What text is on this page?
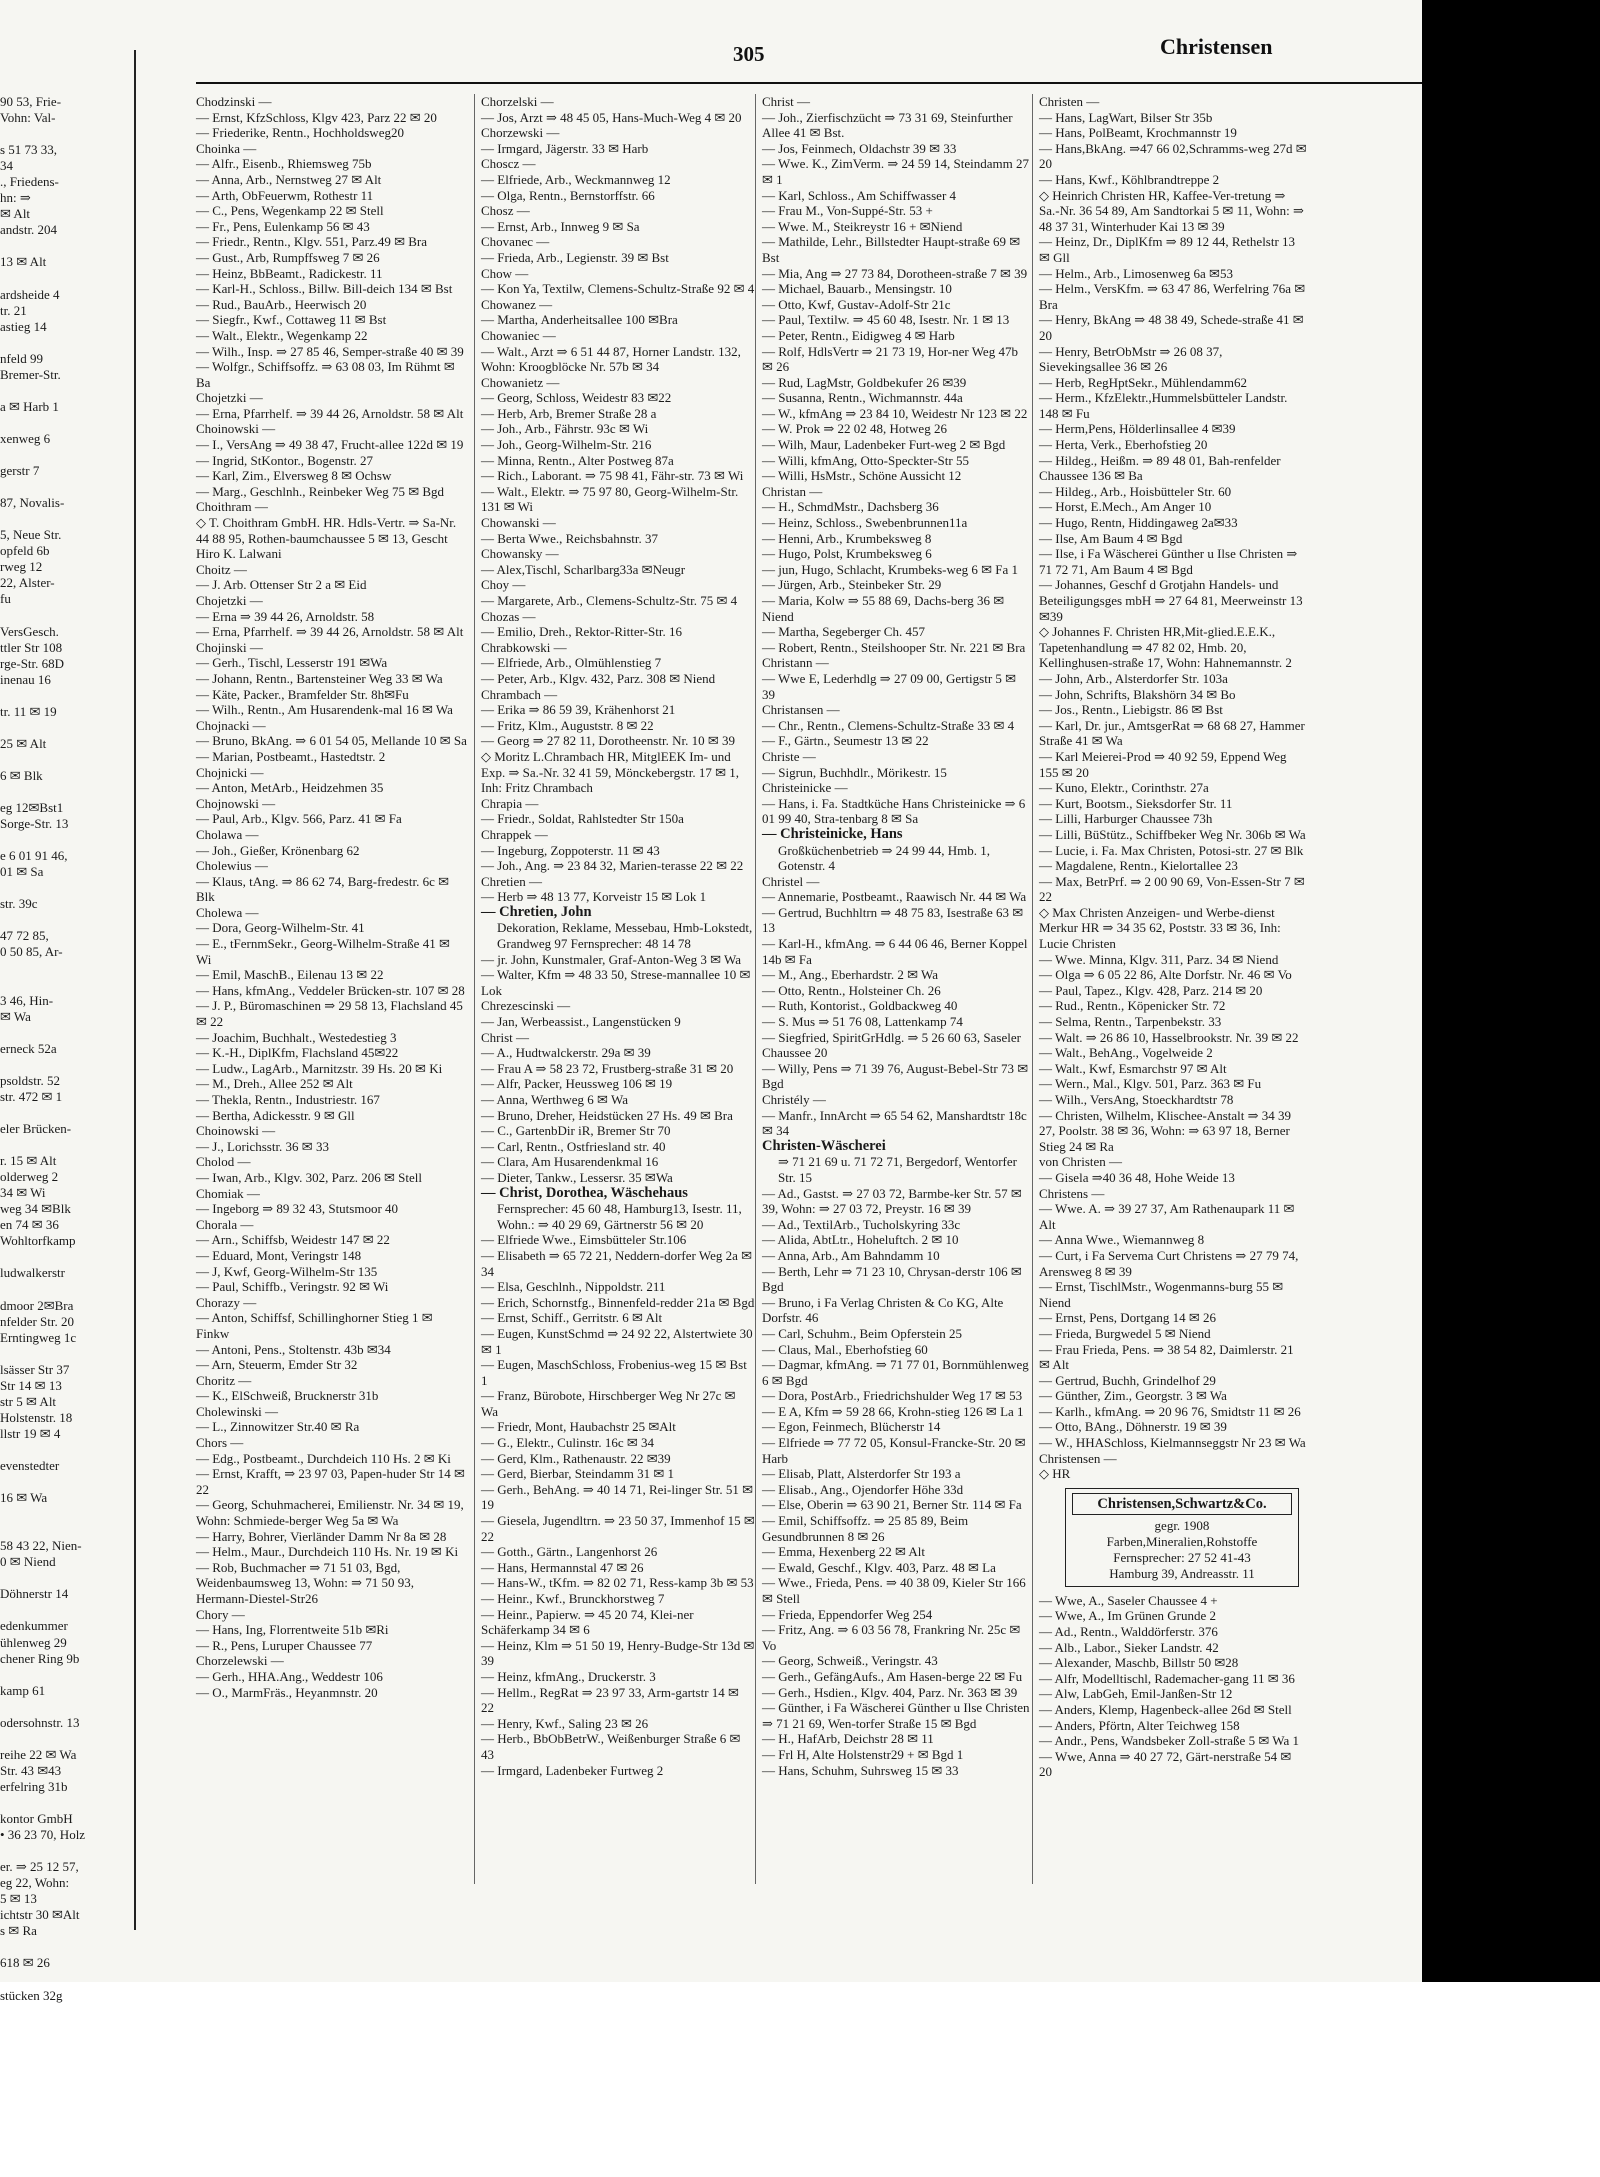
90 53, Frie-
Vohn: Val-

s 51 73 33,
34
., Friedens-
hn: ⇒
✉ Alt
andstr. 204

13 ✉ Alt

ardsheide 4
tr. 21
astieg 14

nfeld 99
Bremer-Str.

a ✉ Harb 1

xenweg 6

gerstr 7

87, Novalis-

5, Neue Str.
opfeld 6b
rweg 12
22, Alster-
fu

VersGesch.
ttler Str 108
rge-Str. 68D
inenau 16

tr. 11 ✉ 19

25 ✉ Alt

6 ✉ Blk

eg 12✉Bst1
Sorge-Str. 13

e 6 01 91 46,
01 ✉ Sa

str. 39c

47 72 85,
0 50 85, Ar-

3 46, Hin-
✉ Wa

erneck 52a

psoldstr. 52
str. 472 ✉ 1

eler Brücken-

r. 15 ✉ Alt
olderweg 2
34 ✉ Wi
weg 34 ✉Blk
en 74 ✉ 36
Wohltorfkamp

ludwalkerstr

dmoor 2✉Bra
nfelder Str. 20
Erntingweg 1c

lsässer Str 37
Str 14 ✉ 13
str 5 ✉ Alt
Holstenstr. 18
llstr 19 ✉ 4

evenstedter

16 ✉ Wa

58 43 22, Nien-
0 ✉ Niend

Döhnerstr 14

edenkummer
ühlenweg 29
chener Ring 9b

kamp 61

odersohnstr. 13

reihe 22 ✉ Wa
Str. 43 ✉43
erfelring 31b

kontor GmbH
• 36 23 70, Holz

er. ⇒ 25 12 57,
eg 22, Wohn:
5 ✉ 13
ichtstr 30 ✉Alt
s ✉ Ra

618 ✉ 26

stücken 32g
305	Christensen

Chodzinski —

— Ernst, KfzSchloss, Klgv 423, Parz 22 ✉ 20

— Friederike, Rentn., Hochholdsweg20

Choinka —

— Alfr., Eisenb., Rhiemsweg 75b

— Anna, Arb., Nernstweg 27 ✉ Alt

— Arth, ObFeuerwm, Rothestr 11

— C., Pens, Wegenkamp 22 ✉ Stell

— Fr., Pens, Eulenkamp 56 ✉ 43

— Friedr., Rentn., Klgv. 551, Parz.49 ✉ Bra

— Gust., Arb, Rumpffsweg 7 ✉ 26

— Heinz, BbBeamt., Radickestr. 11

— Karl-H., Schloss., Billw. Bill-deich 134 ✉ Bst

— Rud., BauArb., Heerwisch 20

— Siegfr., Kwf., Cottaweg 11 ✉ Bst

— Walt., Elektr., Wegenkamp 22

— Wilh., Insp. ⇒ 27 85 46, Semper-straße 40 ✉ 39

— Wolfgr., Schiffsoffz. ⇒ 63 08 03, Im Rühmt ✉ Ba

Chojetzki —

— Erna, Pfarrhelf. ⇒ 39 44 26, Arnoldstr. 58 ✉ Alt

Choinowski —

— I., VersAng ⇒ 49 38 47, Frucht-allee 122d ✉ 19

— Ingrid, StKontor., Bogenstr. 27

— Karl, Zim., Elversweg 8 ✉ Ochsw

— Marg., Geschlnh., Reinbeker Weg 75 ✉ Bgd

Choithram —

◇ T. Choithram GmbH. HR. Hdls-Vertr. ⇒ Sa-Nr. 44 88 95, Rothen-baumchaussee 5 ✉ 13, Gescht Hiro K. Lalwani

Choitz —

— J. Arb. Ottenser Str 2 a ✉ Eid

Chojetzki —

— Erna ⇒ 39 44 26, Arnoldstr. 58

— Erna, Pfarrhelf. ⇒ 39 44 26, Arnoldstr. 58 ✉ Alt

Chojinski —

— Gerh., Tischl, Lesserstr 191 ✉Wa

— Johann, Rentn., Bartensteiner Weg 33 ✉ Wa

— Käte, Packer., Bramfelder Str. 8h✉Fu

— Wilh., Rentn., Am Husarendenk-mal 16 ✉ Wa

Chojnacki —

— Bruno, BkAng. ⇒ 6 01 54 05, Mellande 10 ✉ Sa

— Marian, Postbeamt., Hastedtstr. 2

Chojnicki —

— Anton, MetArb., Heidzehmen 35

Chojnowski —

— Paul, Arb., Klgv. 566, Parz. 41 ✉ Fa

Cholawa —

— Joh., Gießer, Krönenbarg 62

Cholewius —

— Klaus, tAng. ⇒ 86 62 74, Barg-fredestr. 6c ✉ Blk

Cholewa —

— Dora, Georg-Wilhelm-Str. 41

— E., tFernmSekr., Georg-Wilhelm-Straße 41 ✉ Wi

— Emil, MaschB., Eilenau 13 ✉ 22

— Hans, kfmAng., Veddeler Brücken-str. 107 ✉ 28

— J. P., Büromaschinen ⇒ 29 58 13, Flachsland 45 ✉ 22

— Joachim, Buchhalt., Westedestieg 3

— K.-H., DiplKfm, Flachsland 45✉22

— Ludw., LagArb., Marnitzstr. 39 Hs. 20 ✉ Ki

— M., Dreh., Allee 252 ✉ Alt

— Thekla, Rentn., Industriestr. 167

— Bertha, Adickesstr. 9 ✉ Gll

Choinowski —

— J., Lorichsstr. 36 ✉ 33

Cholod —

— Iwan, Arb., Klgv. 302, Parz. 206 ✉ Stell

Chomiak —

— Ingeborg ⇒ 89 32 43, Stutsmoor 40

Chorala —

— Arn., Schiffsb, Weidestr 147 ✉ 22

— Eduard, Mont, Veringstr 148

— J, Kwf, Georg-Wilhelm-Str 135

— Paul, Schiffb., Veringstr. 92 ✉ Wi

Chorazy —

— Anton, Schiffsf, Schillinghorner Stieg 1 ✉ Finkw

— Antoni, Pens., Stoltenstr. 43b ✉34

— Arn, Steuerm, Emder Str 32

Choritz —

— K., ElSchweiß, Brucknerstr 31b

Cholewinski —

— L., Zinnowitzer Str.40 ✉ Ra

Chors —

— Edg., Postbeamt., Durchdeich 110 Hs. 2 ✉ Ki

— Ernst, Krafft, ⇒ 23 97 03, Papen-huder Str 14 ✉ 22

— Georg, Schuhmacherei, Emilienstr. Nr. 34 ✉ 19, Wohn: Schmiede-berger Weg 5a ✉ Wa

— Harry, Bohrer, Vierländer Damm Nr 8a ✉ 28

— Helm., Maur., Durchdeich 110 Hs. Nr. 19 ✉ Ki

— Rob, Buchmacher ⇒ 71 51 03, Bgd, Weidenbaumsweg 13, Wohn: ⇒ 71 50 93, Hermann-Diestel-Str26

Chory —

— Hans, Ing, Florrentweite 51b ✉Ri

— R., Pens, Luruper Chaussee 77

Chorzelewski —

— Gerh., HHA.Ang., Weddestr 106

— O., MarmFräs., Heyanmnstr. 20

Chorzelski —

— Jos, Arzt ⇒ 48 45 05, Hans-Much-Weg 4 ✉ 20

Chorzewski —

— Irmgard, Jägerstr. 33 ✉ Harb

Choscz —

— Elfriede, Arb., Weckmannweg 12

— Olga, Rentn., Bernstorffstr. 66

Chosz —

— Ernst, Arb., Innweg 9 ✉ Sa

Chovanec —

— Frieda, Arb., Legienstr. 39 ✉ Bst

Chow —

— Kon Ya, Textilw, Clemens-Schultz-Straße 92 ✉ 4

Chowanez —

— Martha, Anderheitsallee 100 ✉Bra

Chowaniec —

— Walt., Arzt ⇒ 6 51 44 87, Horner Landstr. 132, Wohn: Kroogblöcke Nr. 57b ✉ 34

Chowanietz —

— Georg, Schloss, Weidestr 83 ✉22

— Herb, Arb, Bremer Straße 28 a

— Joh., Arb., Fährstr. 93c ✉ Wi

— Joh., Georg-Wilhelm-Str. 216

— Minna, Rentn., Alter Postweg 87a

— Rich., Laborant. ⇒ 75 98 41, Fähr-str. 73 ✉ Wi

— Walt., Elektr. ⇒ 75 97 80, Georg-Wilhelm-Str. 131 ✉ Wi

Chowanski —

— Berta Wwe., Reichsbahnstr. 37

Chowansky —

— Alex,Tischl, Scharlbarg33a ✉Neugr

Choy —

— Margarete, Arb., Clemens-Schultz-Str. 75 ✉ 4

Chozas —

— Emilio, Dreh., Rektor-Ritter-Str. 16

Chrabkowski —

— Elfriede, Arb., Olmühlenstieg 7

— Peter, Arb., Klgv. 432, Parz. 308 ✉ Niend

Chrambach —

— Erika ⇒ 86 59 39, Krähenhorst 21

— Fritz, Klm., Auguststr. 8 ✉ 22

— Georg ⇒ 27 82 11, Dorotheenstr. Nr. 10 ✉ 39

◇ Moritz L.Chrambach HR, MitglEEK Im- und Exp. ⇒ Sa.-Nr. 32 41 59, Mönckebergstr. 17 ✉ 1, Inh: Fritz Chrambach

Chrapia —

— Friedr., Soldat, Rahlstedter Str 150a

Chrappek —

— Ingeburg, Zoppoterstr. 11 ✉ 43

— Joh., Ang. ⇒ 23 84 32, Marien-terasse 22 ✉ 22

Chretien —

— Herb ⇒ 48 13 77, Korveistr 15 ✉ Lok 1

— Chretien, John

Dekoration, Reklame, Messebau, Hmb-Lokstedt, Grandweg 97 Fernsprecher: 48 14 78

— jr. John, Kunstmaler, Graf-Anton-Weg 3 ✉ Wa

— Walter, Kfm ⇒ 48 33 50, Strese-mannallee 10 ✉ Lok

Chrezescinski —

— Jan, Werbeassist., Langenstücken 9

Christ —

— A., Hudtwalckerstr. 29a ✉ 39

— Frau A ⇒ 58 23 72, Frustberg-straße 31 ✉ 20

— Alfr, Packer, Heussweg 106 ✉ 19

— Anna, Werthweg 6 ✉ Wa

— Bruno, Dreher, Heidstücken 27 Hs. 49 ✉ Bra

— C., GartenbDir iR, Bremer Str 70

— Carl, Rentn., Ostfriesland str. 40

— Clara, Am Husarendenkmal 16

— Dieter, Tankw., Lessersr. 35 ✉Wa

— Christ, Dorothea, Wäschehaus

Fernsprecher: 45 60 48, Hamburg13, Isestr. 11, Wohn.: ⇒ 40 29 69, Gärtnerstr 56 ✉ 20

— Elfriede Wwe., Eimsbütteler Str.106

— Elisabeth ⇒ 65 72 21, Neddern-dorfer Weg 2a ✉ 34

— Elsa, Geschlnh., Nippoldstr. 211

— Erich, Schornstfg., Binnenfeld-redder 21a ✉ Bgd

— Ernst, Schiff., Gerritstr. 6 ✉ Alt

— Eugen, KunstSchmd ⇒ 24 92 22, Alstertwiete 30 ✉ 1

— Eugen, MaschSchloss, Frobenius-weg 15 ✉ Bst 1

— Franz, Bürobote, Hirschberger Weg Nr 27c ✉ Wa

— Friedr, Mont, Haubachstr 25 ✉Alt

— G., Elektr., Culinstr. 16c ✉ 34

— Gerd, Klm., Rathenaustr. 22 ✉39

— Gerd, Bierbar, Steindamm 31 ✉ 1

— Gerh., BehAng. ⇒ 40 14 71, Rei-linger Str. 51 ✉ 19

— Giesela, Jugendltrn. ⇒ 23 50 37, Immenhof 15 ✉ 22

— Gotth., Gärtn., Langenhorst 26

— Hans, Hermannstal 47 ✉ 26

— Hans-W., tKfm. ⇒ 82 02 71, Ress-kamp 3b ✉ 53

— Heinr., Kwf., Brunckhorstweg 7

— Heinr., Papierw. ⇒ 45 20 74, Klei-ner Schäferkamp 34 ✉ 6

— Heinz, Klm ⇒ 51 50 19, Henry-Budge-Str 13d ✉ 39

— Heinz, kfmAng., Druckerstr. 3

— Hellm., RegRat ⇒ 23 97 33, Arm-gartstr 14 ✉ 22

— Henry, Kwf., Saling 23 ✉ 26

— Herb., BbObBetrW., Weißenburger Straße 6 ✉ 43

— Irmgard, Ladenbeker Furtweg 2

Christ —

— Joh., Zierfischzücht ⇒ 73 31 69, Steinfurther Allee 41 ✉ Bst.

— Jos, Feinmech, Oldachstr 39 ✉ 33

— Wwe. K., ZimVerm. ⇒ 24 59 14, Steindamm 27 ✉ 1

— Karl, Schloss., Am Schiffwasser 4

— Frau M., Von-Suppé-Str. 53 +

— Wwe. M., Steikreystr 16 + ✉Niend

— Mathilde, Lehr., Billstedter Haupt-straße 69 ✉ Bst

— Mia, Ang ⇒ 27 73 84, Dorotheen-straße 7 ✉ 39

— Michael, Bauarb., Mensingstr. 10

— Otto, Kwf, Gustav-Adolf-Str 21c

— Paul, Textilw. ⇒ 45 60 48, Isestr. Nr. 1 ✉ 13

— Peter, Rentn., Eidigweg 4 ✉ Harb

— Rolf, HdlsVertr ⇒ 21 73 19, Hor-ner Weg 47b ✉ 26

— Rud, LagMstr, Goldbekufer 26 ✉39

— Susanna, Rentn., Wichmannstr. 44a

— W., kfmAng ⇒ 23 84 10, Weidestr Nr 123 ✉ 22

— W. Prok ⇒ 22 02 48, Hotweg 26

— Wilh, Maur, Ladenbeker Furt-weg 2 ✉ Bgd

— Willi, kfmAng, Otto-Speckter-Str 55

— Willi, HsMstr., Schöne Aussicht 12

Christan —

— H., SchmdMstr., Dachsberg 36

— Heinz, Schloss., Swebenbrunnen11a

— Henni, Arb., Krumbeksweg 8

— Hugo, Polst, Krumbeksweg 6

— jun, Hugo, Schlacht, Krumbeks-weg 6 ✉ Fa 1

— Jürgen, Arb., Steinbeker Str. 29

— Maria, Kolw ⇒ 55 88 69, Dachs-berg 36 ✉ Niend

— Martha, Segeberger Ch. 457

— Robert, Rentn., Steilshooper Str. Nr. 221 ✉ Bra

Christann —

— Wwe E, Lederhdlg ⇒ 27 09 00, Gertigstr 5 ✉ 39

Christansen —

— Chr., Rentn., Clemens-Schultz-Straße 33 ✉ 4

— F., Gärtn., Seumestr 13 ✉ 22

Christe —

— Sigrun, Buchhdlr., Mörikestr. 15

Christeinicke —

— Hans, i. Fa. Stadtküche Hans Christeinicke ⇒ 6 01 99 40, Stra-tenbarg 8 ✉ Sa

— Christeinicke, Hans

Großküchenbetrieb ⇒ 24 99 44, Hmb. 1, Gotenstr. 4

Christel —

— Annemarie, Postbeamt., Raawisch Nr. 44 ✉ Wa

— Gertrud, Buchhltrn ⇒ 48 75 83, Isestraße 63 ✉ 13

— Karl-H., kfmAng. ⇒ 6 44 06 46, Berner Koppel 14b ✉ Fa

— M., Ang., Eberhardstr. 2 ✉ Wa

— Otto, Rentn., Holsteiner Ch. 26

— Ruth, Kontorist., Goldbackweg 40

— S. Mus ⇒ 51 76 08, Lattenkamp 74

— Siegfried, SpiritGrHdlg. ⇒ 5 26 60 63, Saseler Chaussee 20

— Willy, Pens ⇒ 71 39 76, August-Bebel-Str 73 ✉ Bgd

Christély —

— Manfr., InnArcht ⇒ 65 54 62, Manshardtstr 18c ✉ 34

Christen-Wäscherei

⇒ 71 21 69 u. 71 72 71, Bergedorf, Wentorfer Str. 15

— Ad., Gastst. ⇒ 27 03 72, Barmbe-ker Str. 57 ✉ 39, Wohn: ⇒ 27 03 72, Preystr. 16 ✉ 39

— Ad., TextilArb., Tucholskyring 33c

— Alida, AbtLtr., Hoheluftch. 2 ✉ 10

— Anna, Arb., Am Bahndamm 10

— Berth, Lehr ⇒ 71 23 10, Chrysan-derstr 106 ✉ Bgd

— Bruno, i Fa Verlag Christen & Co KG, Alte Dorfstr. 46

— Carl, Schuhm., Beim Opferstein 25

— Claus, Mal., Eberhofstieg 60

— Dagmar, kfmAng. ⇒ 71 77 01, Bornmühlenweg 6 ✉ Bgd

— Dora, PostArb., Friedrichshulder Weg 17 ✉ 53

— E A, Kfm ⇒ 59 28 66, Krohn-stieg 126 ✉ La 1

— Egon, Feinmech, Blücherstr 14

— Elfriede ⇒ 77 72 05, Konsul-Francke-Str. 20 ✉ Harb

— Elisab, Platt, Alsterdorfer Str 193 a

— Elisab., Ang., Ojendorfer Höhe 33d

— Else, Oberin ⇒ 63 90 21, Berner Str. 114 ✉ Fa

— Emil, Schiffsoffz. ⇒ 25 85 89, Beim Gesundbrunnen 8 ✉ 26

— Emma, Hexenberg 22 ✉ Alt

— Ewald, Geschf., Klgv. 403, Parz. 48 ✉ La

— Wwe., Frieda, Pens. ⇒ 40 38 09, Kieler Str 166 ✉ Stell

— Frieda, Eppendorfer Weg 254

— Fritz, Ang. ⇒ 6 03 56 78, Frankring Nr. 25c ✉ Vo

— Georg, Schweiß., Veringstr. 43

— Gerh., GefängAufs., Am Hasen-berge 22 ✉ Fu

— Gerh., Hsdien., Klgv. 404, Parz. Nr. 363 ✉ 39

— Günther, i Fa Wäscherei Günther u Ilse Christen ⇒ 71 21 69, Wen-torfer Straße 15 ✉ Bgd

— H., HafArb, Deichstr 28 ✉ 11

— Frl H, Alte Holstenstr29 + ✉ Bgd 1

— Hans, Schuhm, Suhrsweg 15 ✉ 33

Christen —

— Hans, LagWart, Bilser Str 35b

— Hans, PolBeamt, Krochmannstr 19

— Hans,BkAng. ⇒47 66 02,Schramms-weg 27d ✉ 20

— Hans, Kwf., Köhlbrandtreppe 2

◇ Heinrich Christen HR, Kaffee-Ver-tretung ⇒ Sa.-Nr. 36 54 89, Am Sandtorkai 5 ✉ 11, Wohn: ⇒ 48 37 31, Winterhuder Kai 13 ✉ 39

— Heinz, Dr., DiplKfm ⇒ 89 12 44, Rethelstr 13 ✉ Gll

— Helm., Arb., Limosenweg 6a ✉53

— Helm., VersKfm. ⇒ 63 47 86, Werfelring 76a ✉ Bra

— Henry, BkAng ⇒ 48 38 49, Schede-straße 41 ✉ 20

— Henry, BetrObMstr ⇒ 26 08 37, Sievekingsallee 36 ✉ 26

— Herb, RegHptSekr., Mühlendamm62

— Herm., KfzElektr.,Hummelsbütteler Landstr. 148 ✉ Fu

— Herm,Pens, Hölderlinsallee 4 ✉39

— Herta, Verk., Eberhofstieg 20

— Hildeg., Heißm. ⇒ 89 48 01, Bah-renfelder Chaussee 136 ✉ Ba

— Hildeg., Arb., Hoisbütteler Str. 60

— Horst, E.Mech., Am Anger 10

— Hugo, Rentn, Hiddingaweg 2a✉33

— Ilse, Am Baum 4 ✉ Bgd

— Ilse, i Fa Wäscherei Günther u Ilse Christen ⇒ 71 72 71, Am Baum 4 ✉ Bgd

— Johannes, Geschf d Grotjahn Handels- und Beteiligungsges mbH ⇒ 27 64 81, Meerweinstr 13 ✉39

◇ Johannes F. Christen HR,Mit-glied.E.E.K., Tapetenhandlung ⇒ 47 82 02, Hmb. 20, Kellinghusen-straße 17, Wohn: Hahnemannstr. 2

— John, Arb., Alsterdorfer Str. 103a

— John, Schrifts, Blakshörn 34 ✉ Bo

— Jos., Rentn., Liebigstr. 86 ✉ Bst

— Karl, Dr. jur., AmtsgerRat ⇒ 68 68 27, Hammer Straße 41 ✉ Wa

— Karl Meierei-Prod ⇒ 40 92 59, Eppend Weg 155 ✉ 20

— Kuno, Elektr., Corinthstr. 27a

— Kurt, Bootsm., Sieksdorfer Str. 11

— Lilli, Harburger Chaussee 73h

— Lilli, BüStütz., Schiffbeker Weg Nr. 306b ✉ Wa

— Lucie, i. Fa. Max Christen, Potosi-str. 27 ✉ Blk

— Magdalene, Rentn., Kielortallee 23

— Max, BetrPrf. ⇒ 2 00 90 69, Von-Essen-Str 7 ✉ 22

◇ Max Christen Anzeigen- und Werbe-dienst Merkur HR ⇒ 34 35 62, Poststr. 33 ✉ 36, Inh: Lucie Christen

— Wwe. Minna, Klgv. 311, Parz. 34 ✉ Niend

— Olga ⇒ 6 05 22 86, Alte Dorfstr. Nr. 46 ✉ Vo

— Paul, Tapez., Klgv. 428, Parz. 214 ✉ 20

— Rud., Rentn., Köpenicker Str. 72

— Selma, Rentn., Tarpenbekstr. 33

— Walt. ⇒ 26 86 10, Hasselbrookstr. Nr. 39 ✉ 22

— Walt., BehAng., Vogelweide 2

— Walt., Kwf, Esmarchstr 97 ✉ Alt

— Wern., Mal., Klgv. 501, Parz. 363 ✉ Fu

— Wilh., VersAng, Stoeckhardtstr 78

— Christen, Wilhelm, Klischee-Anstalt ⇒ 34 39 27, Poolstr. 38 ✉ 36, Wohn: ⇒ 63 97 18, Berner Stieg 24 ✉ Ra

von Christen —

— Gisela ⇒40 36 48, Hohe Weide 13

Christens —

— Wwe. A. ⇒ 39 27 37, Am Rathenaupark 11 ✉ Alt

— Anna Wwe., Wiemannweg 8

— Curt, i Fa Servema Curt Christens ⇒ 27 79 74, Arensweg 8 ✉ 39

— Ernst, TischlMstr., Wogenmanns-burg 55 ✉ Niend

— Ernst, Pens, Dortgang 14 ✉ 26

— Frieda, Burgwedel 5 ✉ Niend

— Frau Frieda, Pens. ⇒ 38 54 82, Daimlerstr. 21 ✉ Alt

— Gertrud, Buchh, Grindelhof 29

— Günther, Zim., Georgstr. 3 ✉ Wa

— Karlh., kfmAng. ⇒ 20 96 76, Smidtstr 11 ✉ 26

— Otto, BAng., Döhnerstr. 19 ✉ 39

— W., HHASchloss, Kielmannseggstr Nr 23 ✉ Wa

Christensen —

◇ HR

Christensen,Schwartz&Co.
gegr. 1908
Farben,Mineralien,Rohstoffe
Fernsprecher: 27 52 41-43
Hamburg 39, Andreasstr. 11

— Wwe, A., Saseler Chaussee 4 +

— Wwe, A., Im Grünen Grunde 2

— Ad., Rentn., Walddörferstr. 376

— Alb., Labor., Sieker Landstr. 42

— Alexander, Maschb, Billstr 50 ✉28

— Alfr, Modelltischl, Rademacher-gang 11 ✉ 36

— Alw, LabGeh, Emil-Janßen-Str 12

— Anders, Klemp, Hagenbeck-allee 26d ✉ Stell

— Anders, Pförtn, Alter Teichweg 158

— Andr., Pens, Wandsbeker Zoll-straße 5 ✉ Wa 1

— Wwe, Anna ⇒ 40 27 72, Gärt-nerstraße 54 ✉ 20
